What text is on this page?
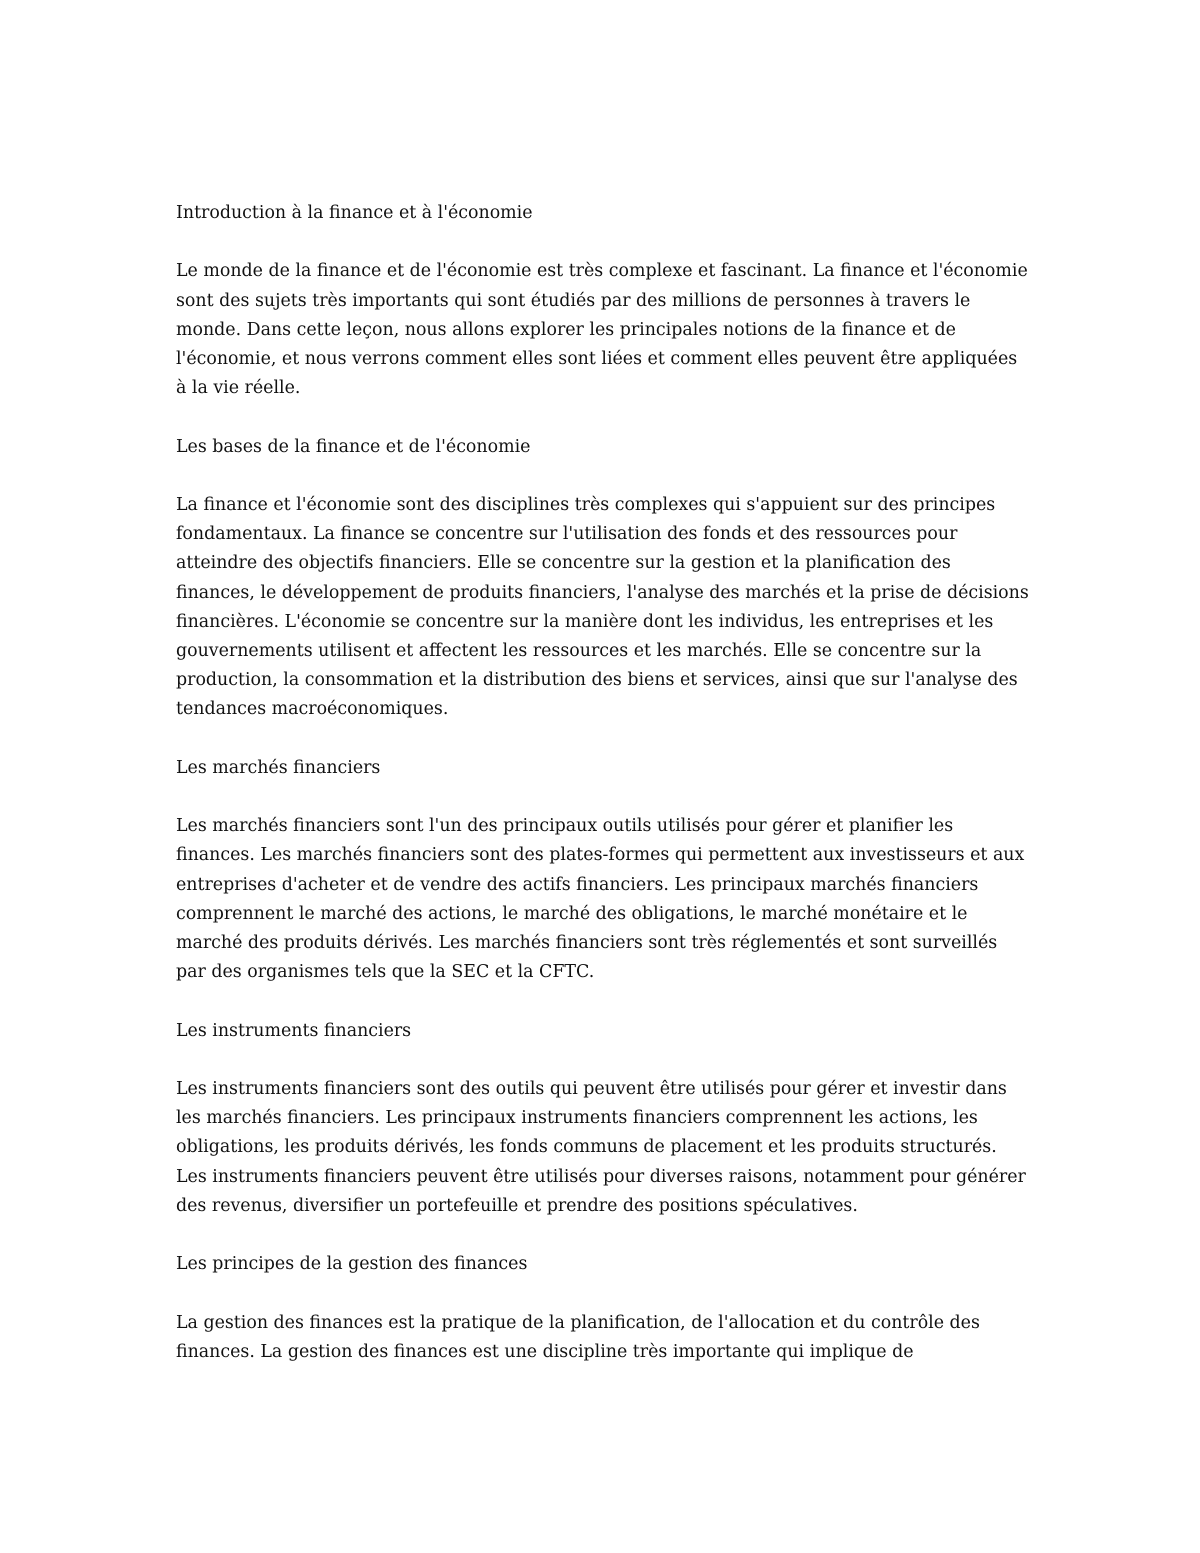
Introduction à la finance et à l'économie

Le monde de la finance et de l'économie est très complexe et fascinant. La finance et l'économie sont des sujets très importants qui sont étudiés par des millions de personnes à travers le monde. Dans cette leçon, nous allons explorer les principales notions de la finance et de l'économie, et nous verrons comment elles sont liées et comment elles peuvent être appliquées à la vie réelle.

Les bases de la finance et de l'économie

La finance et l'économie sont des disciplines très complexes qui s'appuient sur des principes fondamentaux. La finance se concentre sur l'utilisation des fonds et des ressources pour atteindre des objectifs financiers. Elle se concentre sur la gestion et la planification des finances, le développement de produits financiers, l'analyse des marchés et la prise de décisions financières. L'économie se concentre sur la manière dont les individus, les entreprises et les gouvernements utilisent et affectent les ressources et les marchés. Elle se concentre sur la production, la consommation et la distribution des biens et services, ainsi que sur l'analyse des tendances macroéconomiques.

Les marchés financiers

Les marchés financiers sont l'un des principaux outils utilisés pour gérer et planifier les finances. Les marchés financiers sont des plates-formes qui permettent aux investisseurs et aux entreprises d'acheter et de vendre des actifs financiers. Les principaux marchés financiers comprennent le marché des actions, le marché des obligations, le marché monétaire et le marché des produits dérivés. Les marchés financiers sont très réglementés et sont surveillés par des organismes tels que la SEC et la CFTC.

Les instruments financiers

Les instruments financiers sont des outils qui peuvent être utilisés pour gérer et investir dans les marchés financiers. Les principaux instruments financiers comprennent les actions, les obligations, les produits dérivés, les fonds communs de placement et les produits structurés. Les instruments financiers peuvent être utilisés pour diverses raisons, notamment pour générer des revenus, diversifier un portefeuille et prendre des positions spéculatives.

Les principes de la gestion des finances

La gestion des finances est la pratique de la planification, de l'allocation et du contrôle des finances. La gestion des finances est une discipline très importante qui implique de
